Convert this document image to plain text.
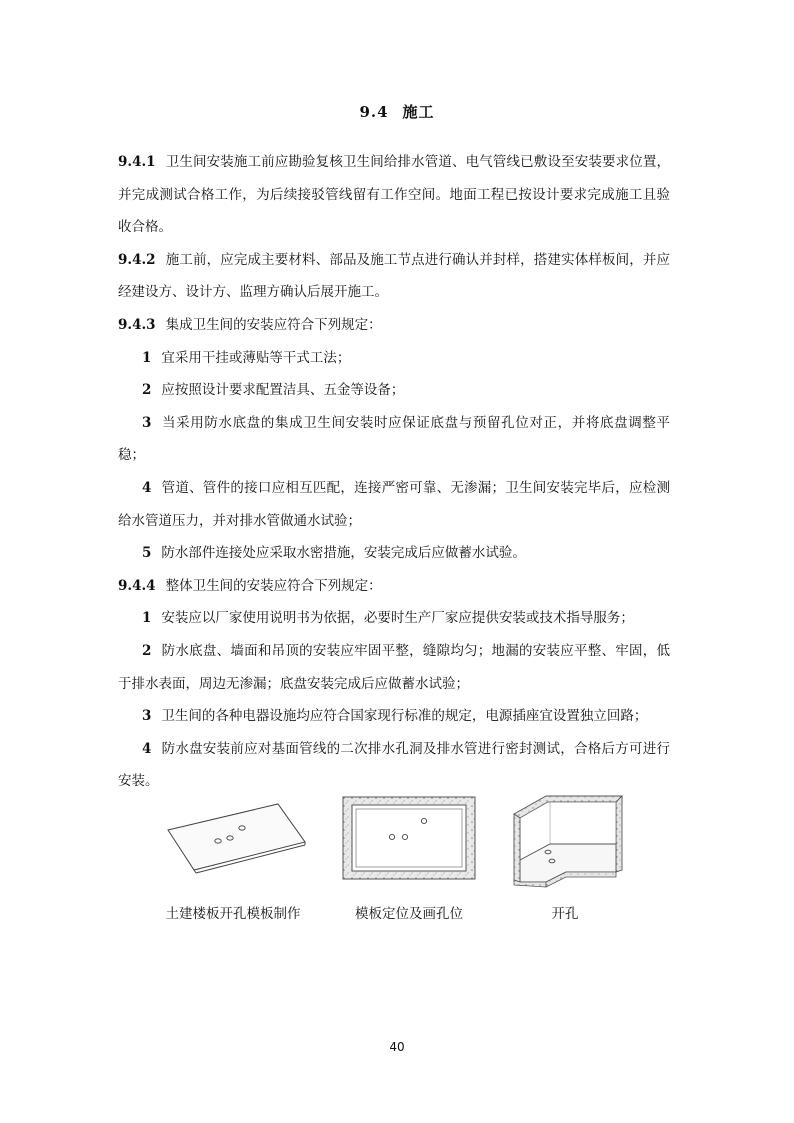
9.4 施工

9.4.1 卫生间安装施工前应勘验复核卫生间给排水管道、电气管线已敷设至安装要求位置，并完成测试合格工作，为后续接驳管线留有工作空间。地面工程已按设计要求完成施工且验收合格。

9.4.2 施工前，应完成主要材料、部品及施工节点进行确认并封样，搭建实体样板间，并应经建设方、设计方、监理方确认后展开施工。

9.4.3 集成卫生间的安装应符合下列规定：

1 宜采用干挂或薄贴等干式工法；

2 应按照设计要求配置洁具、五金等设备；

3 当采用防水底盘的集成卫生间安装时应保证底盘与预留孔位对正，并将底盘调整平稳；

4 管道、管件的接口应相互匹配，连接严密可靠、无渗漏；卫生间安装完毕后，应检测给水管道压力，并对排水管做通水试验；

5 防水部件连接处应采取水密措施，安装完成后应做蓄水试验。

9.4.4 整体卫生间的安装应符合下列规定：

1 安装应以厂家使用说明书为依据，必要时生产厂家应提供安装或技术指导服务；

2 防水底盘、墙面和吊顶的安装应牢固平整，缝隙均匀；地漏的安装应平整、牢固，低于排水表面，周边无渗漏；底盘安装完成后应做蓄水试验；

3 卫生间的各种电器设施均应符合国家现行标准的规定，电源插座宜设置独立回路；

4 防水盘安装前应对基面管线的二次排水孔洞及排水管进行密封测试，合格后方可进行安装。

土建楼板开孔模板制作	模板定位及画孔位	开孔
40
